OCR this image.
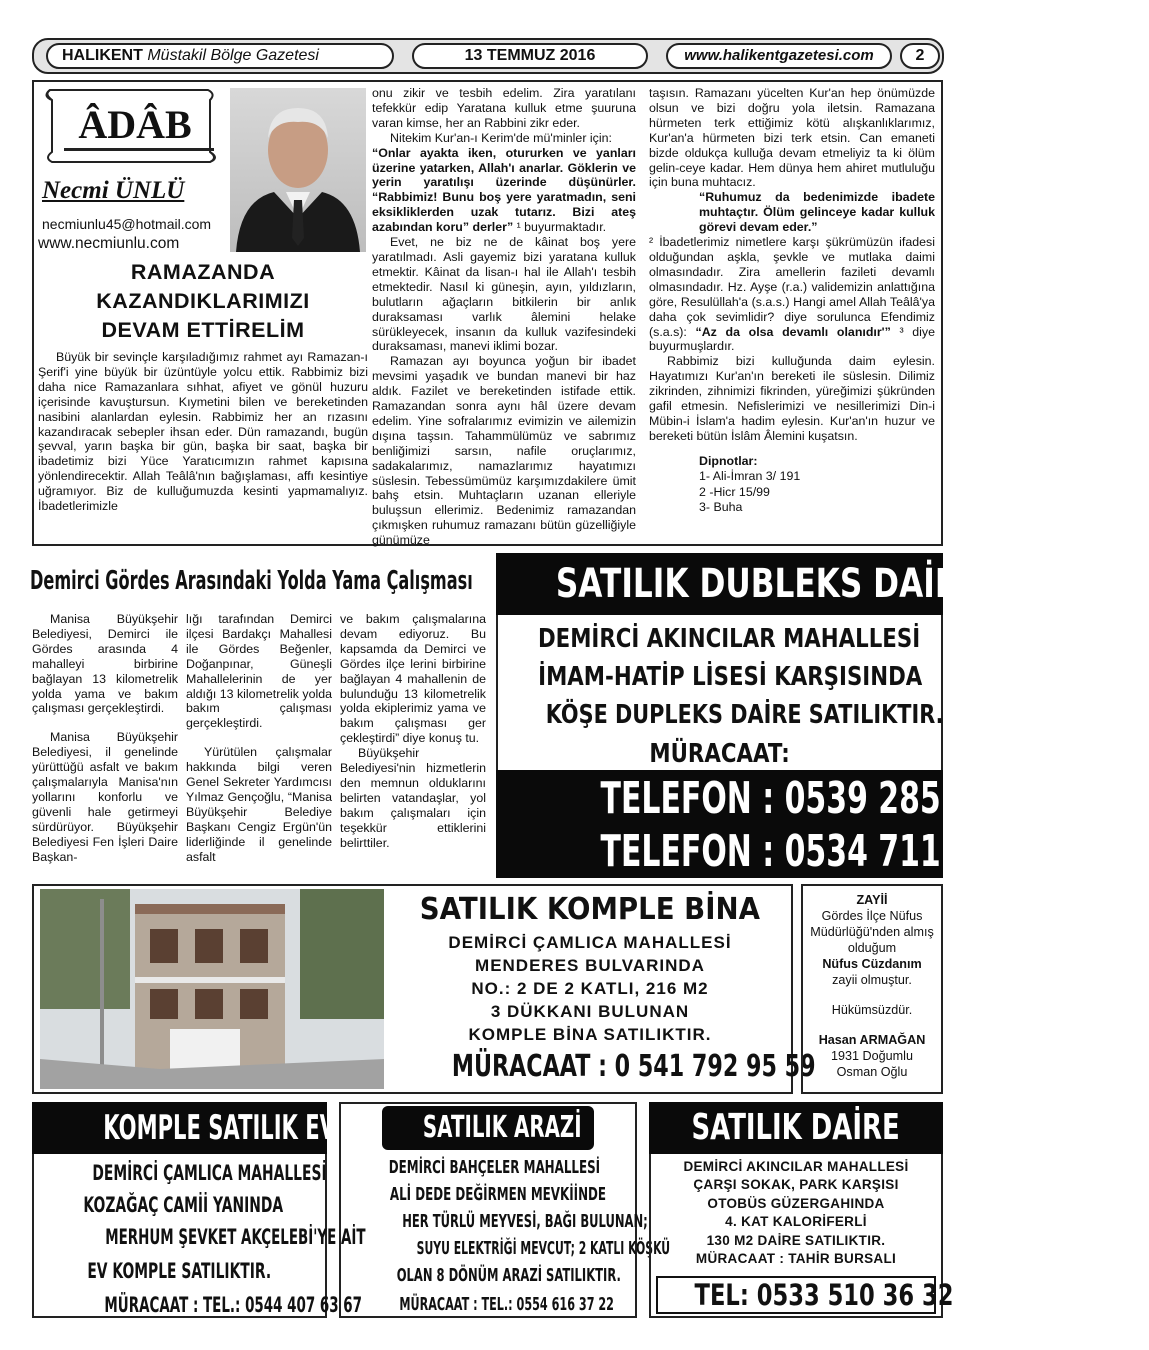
HALIKENT Müstakil Bölge Gazetesi	13 TEMMUZ 2016	www.halikentgazetesi.com	2
ÂDÂB
Necmi ÜNLÜ
necmiunlu45@hotmail.com
www.necmiunlu.com
RAMAZANDA
KAZANDIKLARIMIZI
DEVAM ETTİRELİM

Büyük bir sevinçle karşıladığımız rahmet ayı Ramazan-ı Şerif'i yine büyük bir üzüntüyle yolcu ettik. Rabbimiz bizi daha nice Ramazanlara sıhhat, afiyet ve gönül huzuru içerisinde kavuştursun. Kıymetini bilen ve bereketinden nasibini alanlardan eylesin. Rabbimiz her an rızasını kazandıracak sebepler ihsan eder. Dün ramazandı, bugün şevval, yarın başka bir gün, başka bir saat, başka bir ibadetimiz bizi Yüce Yaratıcımızın rahmet kapısına yönlendirecektir. Allah Teâlâ'nın bağışlaması, affı kesintiye uğramıyor. Biz de kulluğumuzda kesinti yapmamalıyız. İbadetlerimizle

onu zikir ve tesbih edelim. Zira yaratılanı tefekkür edip Yaratana kulluk etme şuuruna varan kimse, her an Rabbini zikr eder.

Nitekim Kur'an-ı Kerim'de mü'minler için:

“Onlar ayakta iken, otururken ve yanları üzerine yatarken, Allah'ı anarlar. Göklerin ve yerin yaratılışı üzerinde düşünürler. “Rabbimiz! Bunu boş yere yaratmadın, seni eksikliklerden uzak tutarız. Bizi ateş azabından koru” derler” ¹ buyurmaktadır.

Evet, ne biz ne de kâinat boş yere yaratılmadı. Asli gayemiz bizi yaratana kulluk etmektir. Kâinat da lisan-ı hal ile Allah'ı tesbih etmektedir. Nasıl ki güneşin, ayın, yıldızların, bulutların ağaçların bitkilerin bir anlık duraksaması varlık âlemini helake sürükleyecek, insanın da kulluk vazifesindeki duraksaması, manevi iklimi bozar.

Ramazan ayı boyunca yoğun bir ibadet mevsimi yaşadık ve bundan manevi bir haz aldık. Fazilet ve bereketinden istifade ettik. Ramazandan sonra aynı hâl üzere devam edelim. Yine sofralarımız evimizin ve ailemizin dışına taşsın. Tahammülümüz ve sabrımız benliğimizi sarsın, nafile oruçlarımız, sadakalarımız, namazlarımız hayatımızı süslesin. Tebessümümüz karşımızdakilere ümit bahş etsin. Muhtaçların uzanan elleriyle buluşsun ellerimiz. Bedenimiz ramazandan çıkmışken ruhumuz ramazanı bütün güzelliğiyle günümüze

taşısın. Ramazanı yücelten Kur'an hep önümüzde olsun ve bizi doğru yola iletsin. Ramazana hürmeten terk ettiğimiz kötü alışkanlıklarımız, Kur'an'a hürmeten bizi terk etsin. Can emaneti bizde oldukça kulluğa devam etmeliyiz ta ki ölüm gelin-ceye kadar. Hem dünya hem ahiret mutluluğu için buna muhtacız.

“Ruhumuz da bedenimizde ibadete muhtaçtır. Ölüm gelinceye kadar kulluk görevi devam eder.”

² İbadetlerimiz nimetlere karşı şükrümüzün ifadesi olduğundan aşkla, şevkle ve mutlaka daimi olmasındadır. Zira amellerin fazileti devamlı olmasındadır. Hz. Ayşe (r.a.) validemizin anlattığına göre, Resulüllah'a (s.a.s.) Hangi amel Allah Teâlâ'ya daha çok sevimlidir? diye sorulunca Efendimiz (s.a.s): “Az da olsa devamlı olanıdır'” ³ diye buyurmuşlardır.

Rabbimiz bizi kulluğunda daim eylesin. Hayatımızı Kur'an'ın bereketi ile süslesin. Dilimiz zikrinden, zihnimizi fikrinden, yüreğimizi şükründen gafil etmesin. Nefislerimizi ve nesillerimizi Din-i Mübin-i İslam'a hadim eylesin. Kur'an'ın huzur ve bereketi bütün İslâm Âlemini kuşatsın.

Dipnotlar:
1- Ali-İmran 3/ 191
2 -Hicr 15/99
3- Buha
Demirci Gördes Arasındaki Yolda Yama Çalışması

Manisa Büyükşehir Belediyesi, Demirci ile Gördes arasında 4 mahalleyi birbirine bağlayan 13 kilometrelik yolda yama ve bakım çalışması gerçekleştirdi.

Manisa Büyükşehir Belediyesi, il genelinde yürüttüğü asfalt ve bakım çalışmalarıyla Manisa'nın yollarını konforlu ve güvenli hale getirmeyi sürdürüyor. Büyükşehir Belediyesi Fen İşleri Daire Başkan-

lığı tarafından Demirci ilçesi Bardakçı Mahallesi ile Gördes Beğenler, Doğanpınar, Güneşli Mahallelerinin de yer aldığı 13 kilometrelik yolda bakım çalışması gerçekleştirdi.

Yürütülen çalışmalar hakkında bilgi veren Genel Sekreter Yardımcısı Yılmaz Gençoğlu, “Manisa Büyükşehir Belediye Başkanı Cengiz Ergün'ün liderliğinde il genelinde asfalt

ve bakım çalışmalarına devam ediyoruz. Bu kapsamda da Demirci ve Gördes ilçe lerini birbirine bağlayan 4 mahallenin de bulunduğu 13 kilometrelik yolda ekiplerimiz yama ve bakım çalışması ger çekleştirdi” diye konuş tu.

Büyükşehir Belediyesi'nin hizmetlerin den memnun olduklarını belirten vatandaşlar, yol bakım çalışmaları için teşekkür ettiklerini belirttiler.

SATILIK DUBLEKS DAİRE
DEMİRCİ AKINCILAR MAHALLESİ
İMAM-HATİP LİSESİ KARŞISINDA
KÖŞE DUPLEKS DAİRE SATILIKTIR.
MÜRACAAT:
TELEFON : 0539 285 48 77
TELEFON : 0534 711 96 06
SATILIK KOMPLE BİNA
DEMİRCİ ÇAMLICA MAHALLESİ
MENDERES BULVARINDA
NO.: 2 DE 2 KATLI, 216 M2
3 DÜKKANI BULUNAN
KOMPLE BİNA SATILIKTIR.
MÜRACAAT : 0 541 792 95 59
ZAYİİ
Gördes İlçe Nüfus Müdürlüğü'nden almış olduğum
Nüfus Cüzdanım
zayii olmuştur.
Hükümsüzdür.
Hasan ARMAĞAN
1931 Doğumlu
Osman Oğlu
KOMPLE SATILIK EV
DEMİRCİ ÇAMLICA MAHALLESİ
KOZAĞAÇ CAMİİ YANINDA
MERHUM ŞEVKET AKÇELEBİ'YE AİT
EV KOMPLE SATILIKTIR.
MÜRACAAT : TEL.: 0544 407 63 67
SATILIK ARAZİ
DEMİRCİ BAHÇELER MAHALLESİ
ALİ DEDE DEĞİRMEN MEVKİİNDE
HER TÜRLÜ MEYVESİ, BAĞI BULUNAN;
SUYU ELEKTRİĞİ MEVCUT; 2 KATLI KÖŞKÜ
OLAN 8 DÖNÜM ARAZİ SATILIKTIR.
MÜRACAAT : TEL.: 0554 616 37 22
SATILIK DAİRE
DEMİRCİ AKINCILAR MAHALLESİ
ÇARŞI SOKAK, PARK KARŞISI
OTOBÜS GÜZERGAHINDA
4. KAT KALORİFERLİ
130 M2 DAİRE SATILIKTIR.
MÜRACAAT : TAHİR BURSALI
TEL: 0533 510 36 32
